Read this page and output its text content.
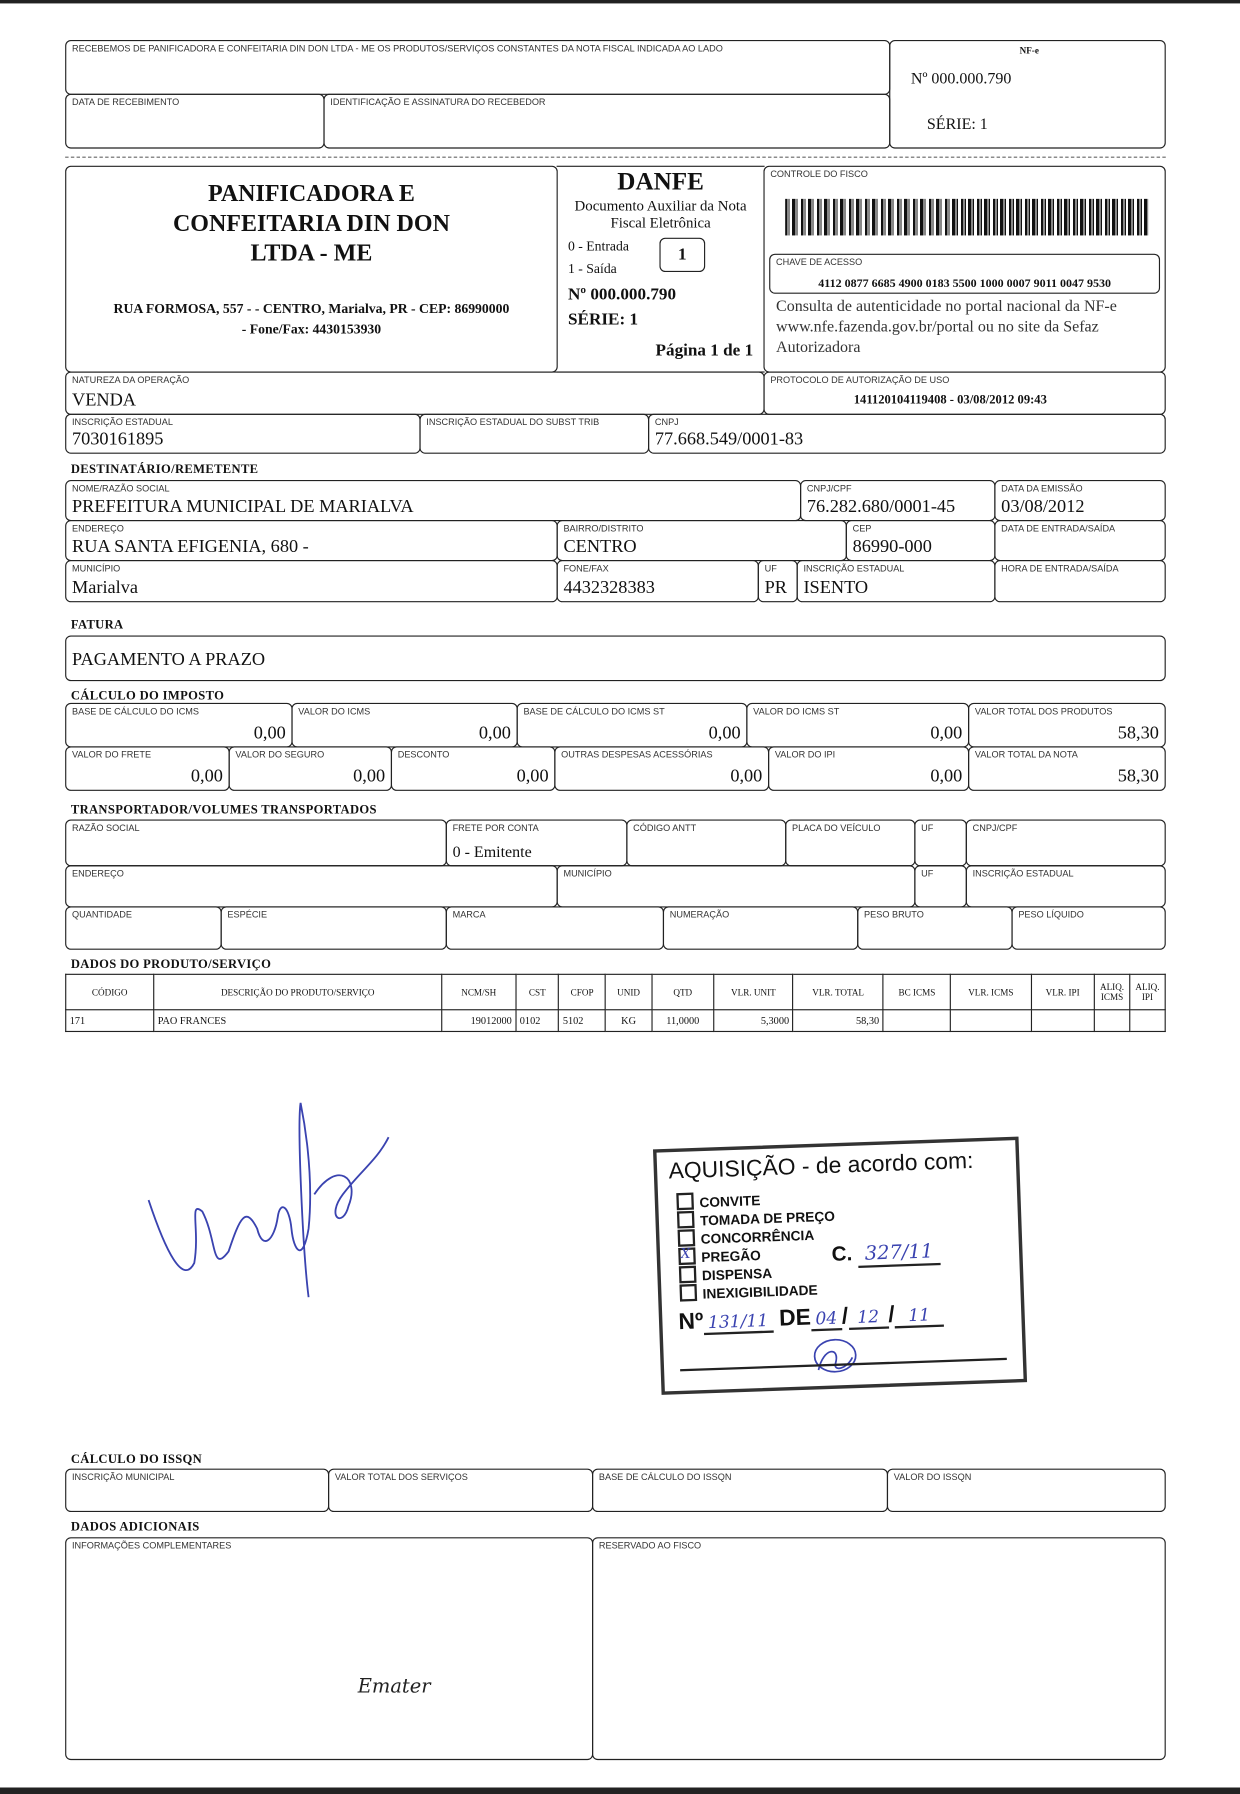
RECEBEMOS DE PANIFICADORA E CONFEITARIA DIN DON LTDA - ME OS PRODUTOS/SERVIÇOS CONSTANTES DA NOTA FISCAL INDICADA AO LADO
DATA DE RECEBIMENTO	IDENTIFICAÇÃO E ASSINATURA DO RECEBEDOR
NF-e
Nº 000.000.790
SÉRIE: 1
PANIFICADORA E CONFEITARIA DIN DON LTDA - ME
RUA FORMOSA, 557 - - CENTRO, Marialva, PR - CEP: 86990000
- Fone/Fax: 4430153930
DANFE
Documento Auxiliar da Nota Fiscal Eletrônica
0 - Entrada
1 - Saída
1
Nº 000.000.790
SÉRIE: 1
Página 1 de 1
CONTROLE DO FISCO
CHAVE DE ACESSO
4112 0877 6685 4900 0183 5500 1000 0007 9011 0047 9530
Consulta de autenticidade no portal nacional da NF-e www.nfe.fazenda.gov.br/portal ou no site da Sefaz Autorizadora
NATUREZA DA OPERAÇÃO
VENDA
PROTOCOLO DE AUTORIZAÇÃO DE USO
141120104119408 - 03/08/2012 09:43
INSCRIÇÃO ESTADUAL
7030161895
INSCRIÇÃO ESTADUAL DO SUBST TRIB	CNPJ
77.668.549/0001-83
DESTINATÁRIO/REMETENTE
NOME/RAZÃO SOCIAL
PREFEITURA MUNICIPAL DE MARIALVA
CNPJ/CPF
76.282.680/0001-45
DATA DA EMISSÃO
03/08/2012
ENDEREÇO
RUA SANTA EFIGENIA, 680 -
BAIRRO/DISTRITO
CENTRO
CEP
86990-000
DATA DE ENTRADA/SAÍDA
MUNICÍPIO
Marialva
FONE/FAX
4432328383
UF
PR
INSCRIÇÃO ESTADUAL
ISENTO
HORA DE ENTRADA/SAÍDA
FATURA
PAGAMENTO A PRAZO
CÁLCULO DO IMPOSTO
BASE DE CÁLCULO DO ICMS
0,00
VALOR DO ICMS
0,00
BASE DE CÁLCULO DO ICMS ST
0,00
VALOR DO ICMS ST
0,00
VALOR TOTAL DOS PRODUTOS
58,30
VALOR DO FRETE
0,00
VALOR DO SEGURO
0,00
DESCONTO
0,00
OUTRAS DESPESAS ACESSÓRIAS
0,00
VALOR DO IPI
0,00
VALOR TOTAL DA NOTA
58,30
TRANSPORTADOR/VOLUMES TRANSPORTADOS
RAZÃO SOCIAL	FRETE POR CONTA
0 - Emitente
CÓDIGO ANTT	PLACA DO VEÍCULO	UF	CNPJ/CPF
ENDEREÇO	MUNICÍPIO	UF	INSCRIÇÃO ESTADUAL
QUANTIDADE	ESPÉCIE	MARCA	NUMERAÇÃO	PESO BRUTO	PESO LÍQUIDO
DADOS DO PRODUTO/SERVIÇO
CÓDIGO	DESCRIÇÃO DO PRODUTO/SERVIÇO	NCM/SH	CST	CFOP	UNID	QTD	VLR. UNIT	VLR. TOTAL	BC ICMS	VLR. ICMS	VLR. IPI	ALIQ. ICMS	ALIQ. IPI
171	PAO FRANCES	19012000	0102	5102	KG	11,0000	5,3000	58,30					
AQUISIÇÃO - de acordo com:
CONVITE
TOMADA DE PREÇO
CONCORRÊNCIA
X PREGÃO
DISPENSA
INEXIGIBILIDADE
C. 327/11
Nº 131/11 DE 04 / 12 / 11
CÁLCULO DO ISSQN
INSCRIÇÃO MUNICIPAL	VALOR TOTAL DOS SERVIÇOS	BASE DE CÁLCULO DO ISSQN	VALOR DO ISSQN
DADOS ADICIONAIS
INFORMAÇÕES COMPLEMENTARES
Emater
RESERVADO AO FISCO
